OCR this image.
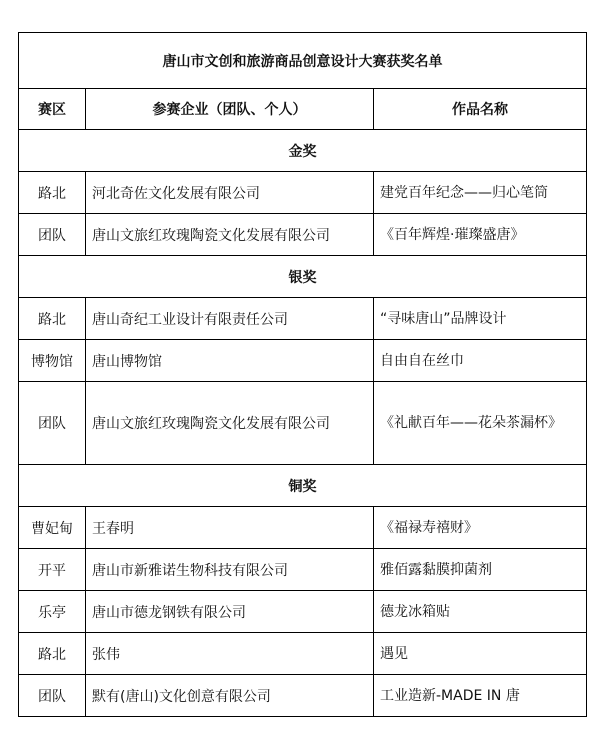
唐山市文创和旅游商品创意设计大赛获奖名单		
赛区	参赛企业（团队、个人）	作品名称
金奖		
路北	河北奇佐文化发展有限公司	建党百年纪念——归心笔筒
团队	唐山文旅红玫瑰陶瓷文化发展有限公司	《百年辉煌·璀璨盛唐》
银奖		
路北	唐山奇纪工业设计有限责任公司	“寻味唐山”品牌设计
博物馆	唐山博物馆	自由自在丝巾
团队	唐山文旅红玫瑰陶瓷文化发展有限公司	《礼献百年——花朵茶漏杯》
铜奖		
曹妃甸	王春明	《福禄寿禧财》
开平	唐山市新雅诺生物科技有限公司	雅佰露黏膜抑菌剂
乐亭	唐山市德龙钢铁有限公司	德龙冰箱贴
路北	张伟	遇见
团队	默有(唐山)文化创意有限公司	工业造新-MADE IN 唐
